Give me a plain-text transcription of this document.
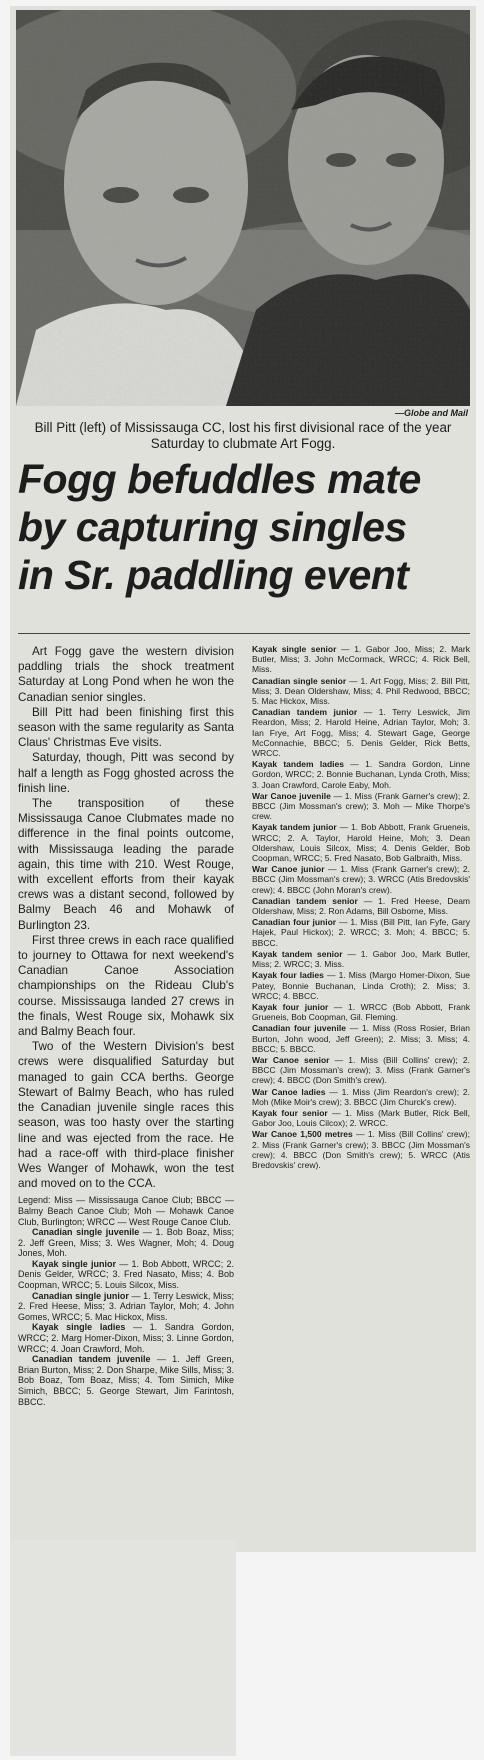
—Globe and Mail
Bill Pitt (left) of Mississauga CC, lost his first divisional race of the year Saturday to clubmate Art Fogg.
Fogg befuddles mate
by capturing singles
in Sr. paddling event

Art Fogg gave the western division paddling trials the shock treatment Saturday at Long Pond when he won the Canadian senior singles.

Bill Pitt had been finishing first this season with the same regularity as Santa Claus' Christmas Eve visits.

Saturday, though, Pitt was second by half a length as Fogg ghosted across the finish line.

The transposition of these Mississauga Canoe Clubmates made no difference in the final points outcome, with Mississauga leading the parade again, this time with 210. West Rouge, with excellent efforts from their kayak crews was a distant second, followed by Balmy Beach 46 and Mohawk of Burlington 23.

First three crews in each race qualified to journey to Ottawa for next weekend's Canadian Canoe Association championships on the Rideau Club's course. Mississauga landed 27 crews in the finals, West Rouge six, Mohawk six and Balmy Beach four.

Two of the Western Division's best crews were disqualified Saturday but managed to gain CCA berths. George Stewart of Balmy Beach, who has ruled the Canadian juvenile single races this season, was too hasty over the starting line and was ejected from the race. He had a race-off with third-place finisher Wes Wanger of Mohawk, won the test and moved on to the CCA.

Legend: Miss — Mississauga Canoe Club; BBCC — Balmy Beach Canoe Club; Moh — Mohawk Canoe Club, Burlington; WRCC — West Rouge Canoe Club.

Canadian single juvenile — 1. Bob Boaz, Miss; 2. Jeff Green, Miss; 3. Wes Wagner, Moh; 4. Doug Jones, Moh.

Kayak single junior — 1. Bob Abbott, WRCC; 2. Denis Gelder, WRCC; 3. Fred Nasato, Miss; 4. Bob Coopman, WRCC; 5. Louis Silcox, Miss.

Canadian single junior — 1. Terry Leswick, Miss; 2. Fred Heese, Miss; 3. Adrian Taylor, Moh; 4. John Gomes, WRCC; 5. Mac Hickox, Miss.

Kayak single ladies — 1. Sandra Gordon, WRCC; 2. Marg Homer-Dixon, Miss; 3. Linne Gordon, WRCC; 4. Joan Crawford, Moh.

Canadian tandem juvenile — 1. Jeff Green, Brian Burton, Miss; 2. Don Sharpe, Mike Sills, Miss; 3. Bob Boaz, Tom Boaz, Miss; 4. Tom Simich, Mike Simich, BBCC; 5. George Stewart, Jim Farintosh, BBCC.

Kayak single senior — 1. Gabor Joo, Miss; 2. Mark Butler, Miss; 3. John McCormack, WRCC; 4. Rick Bell, Miss.

Canadian single senior — 1. Art Fogg, Miss; 2. Bill Pitt, Miss; 3. Dean Oldershaw, Miss; 4. Phil Redwood, BBCC; 5. Mac Hickox, Miss.

Canadian tandem junior — 1. Terry Leswick, Jim Reardon, Miss; 2. Harold Heine, Adrian Taylor, Moh; 3. Ian Frye, Art Fogg, Miss; 4. Stewart Gage, George McConnachie, BBCC; 5. Denis Gelder, Rick Betts, WRCC.

Kayak tandem ladies — 1. Sandra Gordon, Linne Gordon, WRCC; 2. Bonnie Buchanan, Lynda Croth, Miss; 3. Joan Crawford, Carole Eaby, Moh.

War Canoe juvenile — 1. Miss (Frank Garner's crew); 2. BBCC (Jim Mossman's crew); 3. Moh — Mike Thorpe's crew.

Kayak tandem junior — 1. Bob Abbott, Frank Grueneis, WRCC; 2. A. Taylor, Harold Heine, Moh; 3. Dean Oldershaw, Louis Silcox, Miss; 4. Denis Gelder, Bob Coopman, WRCC; 5. Fred Nasato, Bob Galbraith, Miss.

War Canoe junior — 1. Miss (Frank Garner's crew); 2. BBCC (Jim Mossman's crew); 3. WRCC (Atis Bredovskis' crew); 4. BBCC (John Moran's crew).

Canadian tandem senior — 1. Fred Heese, Deam Oldershaw, Miss; 2. Ron Adams, Bill Osborne, Miss.

Canadian four junior — 1. Miss (Bill Pitt, Ian Fyfe, Gary Hajek, Paul Hickox); 2. WRCC; 3. Moh; 4. BBCC; 5. BBCC.

Kayak tandem senior — 1. Gabor Joo, Mark Butler, Miss; 2. WRCC; 3. Miss.

Kayak four ladies — 1. Miss (Margo Homer-Dixon, Sue Patey, Bonnie Buchanan, Linda Croth); 2. Miss; 3. WRCC; 4. BBCC.

Kayak four junior — 1. WRCC (Bob Abbott, Frank Grueneis, Bob Coopman, Gil. Fleming.

Canadian four juvenile — 1. Miss (Ross Rosier, Brian Burton, John wood, Jeff Green); 2. Miss; 3. Miss; 4. BBCC; 5. BBCC.

War Canoe senior — 1. Miss (Bill Collins' crew); 2. BBCC (Jim Mossman's crew); 3. Miss (Frank Garner's crew); 4. BBCC (Don Smith's crew).

War Canoe ladies — 1. Miss (Jim Reardon's crew); 2. Moh (Mike Moir's crew); 3. BBCC (Jim Churck's crew).

Kayak four senior — 1. Miss (Mark Butler, Rick Bell, Gabor Joo, Louis Cilcox); 2. WRCC.

War Canoe 1,500 metres — 1. Miss (Bill Collins' crew); 2. Miss (Frank Garner's crew); 3. BBCC (Jim Mossman's crew); 4. BBCC (Don Smith's crew); 5. WRCC (Atis Bredovskis' crew).
